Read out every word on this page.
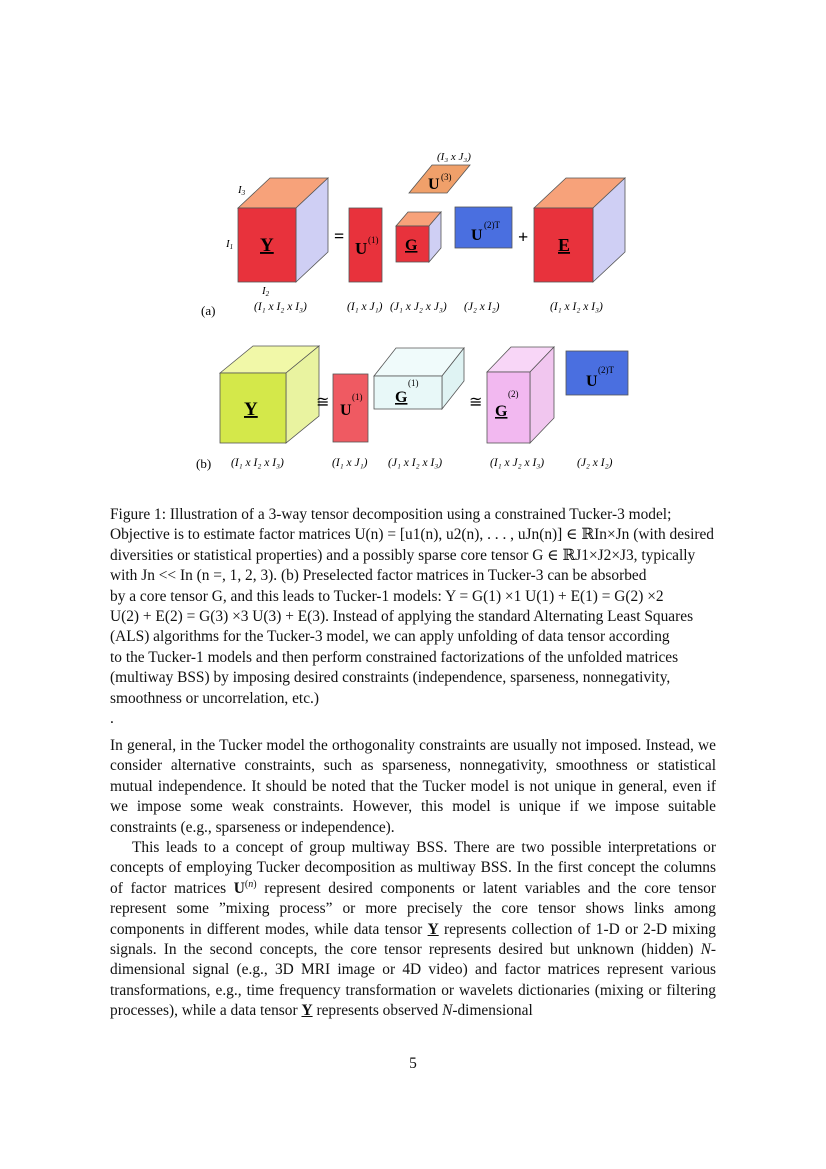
Y
I3
I1
I2
=
U (1) G
U (3)
(I₃ x J₃)
U
(2)T
+ E
(a)	(I₁ x I₂ x I₃)	(I₁ x J₁) (J₁ x J₂ x J₃) (J₂ x I₂)	(I₁ x I₂ x I₃)
Y	≅ U
(1) G
(1)
≅
G
(2)
U
(2)T
(b) (I₁ x I₂ x I₃)	(I₁ x J₁) (J₁ x I₂ x I₃)	(I₁ x J₂ x I₃)	(J₂ x I₂)
Figure 1: Illustration of a 3-way tensor decomposition using a constrained Tucker-3 model;
Objective is to estimate factor matrices U(n) = [u1(n), u2(n), . . . , uJn(n)] ∈ ℝIn×Jn (with desired
diversities or statistical properties) and a possibly sparse core tensor G ∈ ℝJ1×J2×J3, typically
with Jn << In (n =, 1, 2, 3). (b) Preselected factor matrices in Tucker-3 can be absorbed
by a core tensor G, and this leads to Tucker-1 models: Y = G(1) ×1 U(1) + E(1) = G(2) ×2
U(2) + E(2) = G(3) ×3 U(3) + E(3). Instead of applying the standard Alternating Least Squares
(ALS) algorithms for the Tucker-3 model, we can apply unfolding of data tensor according
to the Tucker-1 models and then perform constrained factorizations of the unfolded matrices
(multiway BSS) by imposing desired constraints (independence, sparseness, nonnegativity,
smoothness or uncorrelation, etc.)
.

In general, in the Tucker model the orthogonality constraints are usually not imposed. Instead, we consider alternative constraints, such as sparseness, nonnegativity, smoothness or statistical mutual independence. It should be noted that the Tucker model is not unique in general, even if we impose some weak constraints. However, this model is unique if we impose suitable constraints (e.g., sparseness or independence).

This leads to a concept of group multiway BSS. There are two possible interpretations or concepts of employing Tucker decomposition as multiway BSS. In the first concept the columns of factor matrices $U^{(n)}$ represent desired components or latent variables and the core tensor represent some ”mixing process” or more precisely the core tensor shows links among components in different modes, while data tensor Y represents collection of 1-D or 2-D mixing signals. In the second concepts, the core tensor represents desired but unknown (hidden) N-dimensional signal (e.g., 3D MRI image or 4D video) and factor matrices represent various transformations, e.g., time frequency transformation or wavelets dictionaries (mixing or filtering processes), while a data tensor Y represents observed N-dimensional

5
